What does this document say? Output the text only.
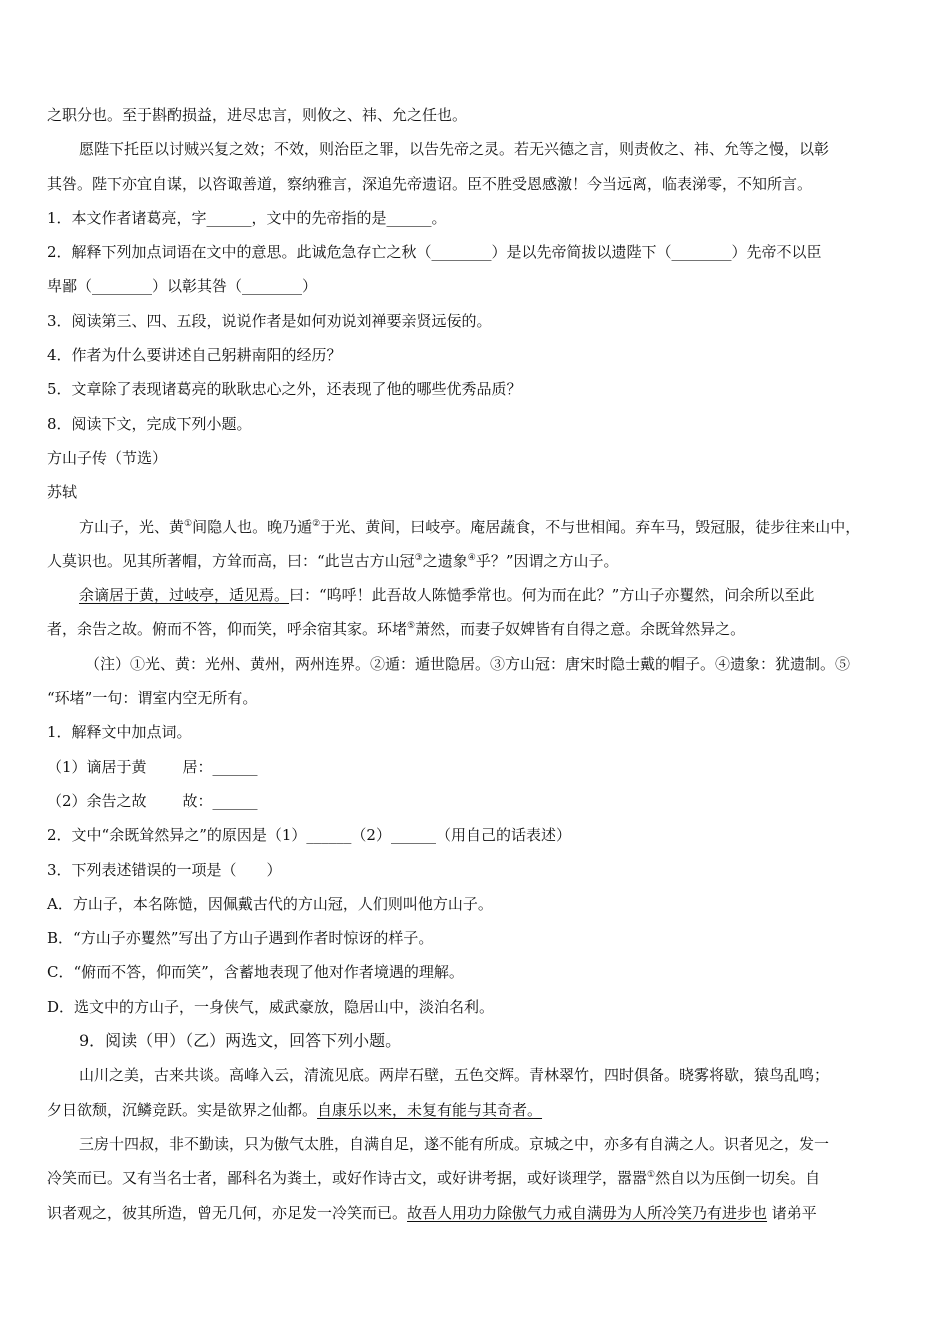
之职分也。至于斟酌损益，进尽忠言，则攸之、祎、允之任也。

愿陛下托臣以讨贼兴复之效；不效，则治臣之罪，以告先帝之灵。若无兴德之言，则责攸之、祎、允等之慢，以彰

其咎。陛下亦宜自谋，以咨诹善道，察纳雅言，深追先帝遗诏。臣不胜受恩感激！今当远离，临表涕零，不知所言。

1．本文作者诸葛亮，字______，文中的先帝指的是______。

2．解释下列加点词语在文中的意思。此诚危急存亡之秋（________）是以先帝简拔以遗陛下（________）先帝不以臣

卑鄙（________）以彰其咎（________）

3．阅读第三、四、五段，说说作者是如何劝说刘禅要亲贤远佞的。

4．作者为什么要讲述自己躬耕南阳的经历？

5．文章除了表现诸葛亮的耿耿忠心之外，还表现了他的哪些优秀品质？

8．阅读下文，完成下列小题。

方山子传（节选）

苏轼

方山子，光、黄①间隐人也。晚乃遁②于光、黄间，曰岐亭。庵居蔬食，不与世相闻。弃车马，毁冠服，徒步往来山中，

人莫识也。见其所著帽，方耸而高，曰：“此岂古方山冠③之遗象④乎？”因谓之方山子。

余谪居于黄，过岐亭，适见焉。曰：“呜呼！此吾故人陈慥季常也。何为而在此？”方山子亦矍然，问余所以至此

者，余告之故。俯而不答，仰而笑，呼余宿其家。环堵⑤萧然，而妻子奴婢皆有自得之意。余既耸然异之。

（注）①光、黄：光州、黄州，两州连界。②遁：遁世隐居。③方山冠：唐宋时隐士戴的帽子。④遗象：犹遗制。⑤

“环堵”一句：谓室内空无所有。

1．解释文中加点词。

（1）谪居于黄 居：______

（2）余告之故 故：______

2．文中“余既耸然异之”的原因是（1）______（2）______（用自己的话表述）

3．下列表述错误的一项是（　　）

A．方山子，本名陈慥，因佩戴古代的方山冠，人们则叫他方山子。

B．“方山子亦矍然”写出了方山子遇到作者时惊讶的样子。

C．“俯而不答，仰而笑”，含蓄地表现了他对作者境遇的理解。

D．选文中的方山子，一身侠气，威武豪放，隐居山中，淡泊名利。

9．阅读（甲）（乙）两选文，回答下列小题。

山川之美，古来共谈。高峰入云，清流见底。两岸石壁，五色交辉。青林翠竹，四时俱备。晓雾将歇，猿鸟乱鸣；

夕日欲颓，沉鳞竞跃。实是欲界之仙都。自康乐以来，未复有能与其奇者。

三房十四叔，非不勤读，只为傲气太胜，自满自足，遂不能有所成。京城之中，亦多有自满之人。识者见之，发一

冷笑而已。又有当名士者，鄙科名为粪土，或好作诗古文，或好讲考据，或好谈理学，嚣嚣①然自以为压倒一切矣。自

识者观之，彼其所造，曾无几何，亦足发一冷笑而已。故吾人用功力除傲气力戒自满毋为人所冷笑乃有进步也 诸弟平
